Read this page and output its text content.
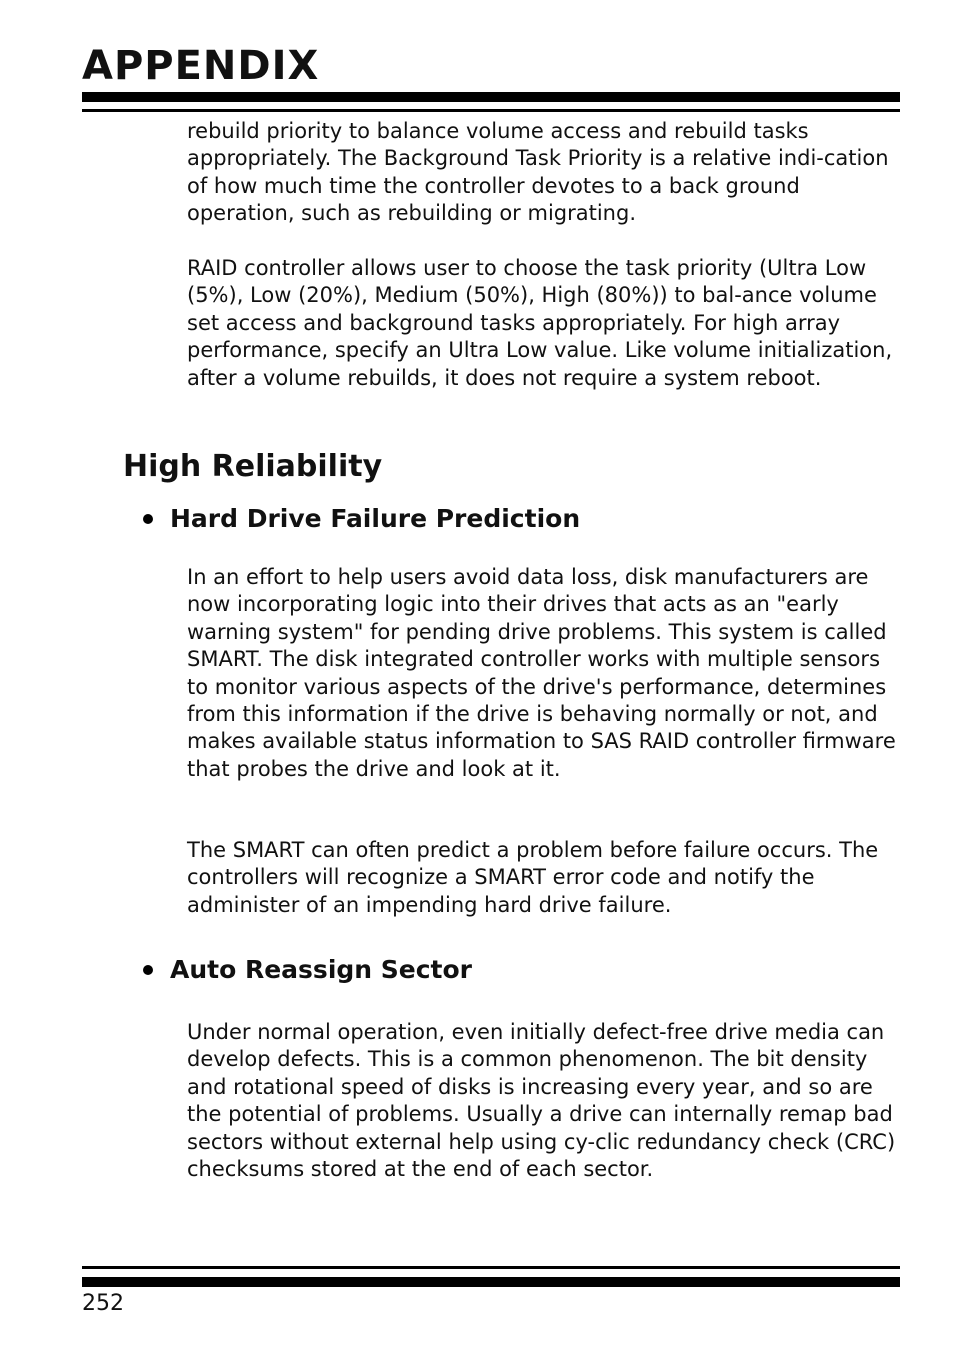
APPENDIX

rebuild priority to balance volume access and rebuild tasks appropriately. The Background Task Priority is a relative indi-cation of how much time the controller devotes to a back ground operation, such as rebuilding or migrating.

RAID controller allows user to choose the task priority (Ultra Low (5%), Low (20%), Medium (50%), High (80%)) to bal-ance volume set access and background tasks appropriately. For high array performance, specify an Ultra Low value. Like volume initialization, after a volume rebuilds, it does not require a system reboot.

High Reliability
Hard Drive Failure Prediction

In an effort to help users avoid data loss, disk manufacturers are now incorporating logic into their drives that acts as an "early warning system" for pending drive problems. This system is called SMART. The disk integrated controller works with multiple sensors to monitor various aspects of the drive's performance, determines from this information if the drive is behaving normally or not, and makes available status information to SAS RAID controller firmware that probes the drive and look at it.

The SMART can often predict a problem before failure occurs. The controllers will recognize a SMART error code and notify the administer of an impending hard drive failure.

Auto Reassign Sector

Under normal operation, even initially defect-free drive media can develop defects. This is a common phenomenon. The bit density and rotational speed of disks is increasing every year, and so are the potential of problems. Usually a drive can internally remap bad sectors without external help using cy-clic redundancy check (CRC) checksums stored at the end of each sector.

252
